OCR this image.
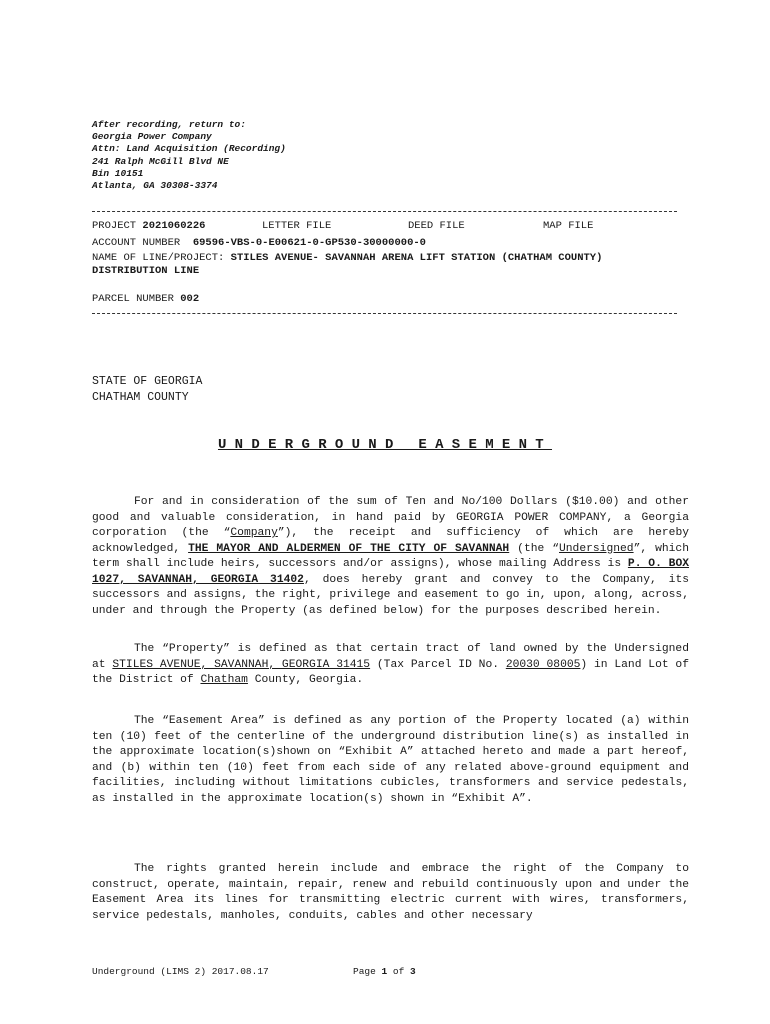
After recording, return to:
Georgia Power Company
Attn: Land Acquisition (Recording)
241 Ralph McGill Blvd NE
Bin 10151
Atlanta, GA 30308-3374
PROJECT 2021060226	LETTER FILE	DEED FILE	MAP FILE
ACCOUNT NUMBER 69596-VBS-0-E00621-0-GP530-30000000-0
NAME OF LINE/PROJECT: STILES AVENUE- SAVANNAH ARENA LIFT STATION (CHATHAM COUNTY)
DISTRIBUTION LINE
PARCEL NUMBER 002
STATE OF GEORGIA
CHATHAM COUNTY
UNDERGROUND EASEMENT

For and in consideration of the sum of Ten and No/100 Dollars ($10.00) and other good and valuable consideration, in hand paid by GEORGIA POWER COMPANY, a Georgia corporation (the “Company”), the receipt and sufficiency of which are hereby acknowledged, THE MAYOR AND ALDERMEN OF THE CITY OF SAVANNAH (the “Undersigned”, which term shall include heirs, successors and/or assigns), whose mailing Address is P. O. BOX 1027, SAVANNAH, GEORGIA 31402, does hereby grant and convey to the Company, its successors and assigns, the right, privilege and easement to go in, upon, along, across, under and through the Property (as defined below) for the purposes described herein.

The “Property” is defined as that certain tract of land owned by the Undersigned at STILES AVENUE, SAVANNAH, GEORGIA 31415 (Tax Parcel ID No. 20030 08005) in Land Lot of the District of Chatham County, Georgia.

The “Easement Area” is defined as any portion of the Property located (a) within ten (10) feet of the centerline of the underground distribution line(s) as installed in the approximate location(s)shown on “Exhibit A” attached hereto and made a part hereof, and (b) within ten (10) feet from each side of any related above-ground equipment and facilities, including without limitations cubicles, transformers and service pedestals, as installed in the approximate location(s) shown in “Exhibit A”.

The rights granted herein include and embrace the right of the Company to construct, operate, maintain, repair, renew and rebuild continuously upon and under the Easement Area its lines for transmitting electric current with wires, transformers, service pedestals, manholes, conduits, cables and other necessary

Underground (LIMS 2) 2017.08.17	Page 1 of 3
